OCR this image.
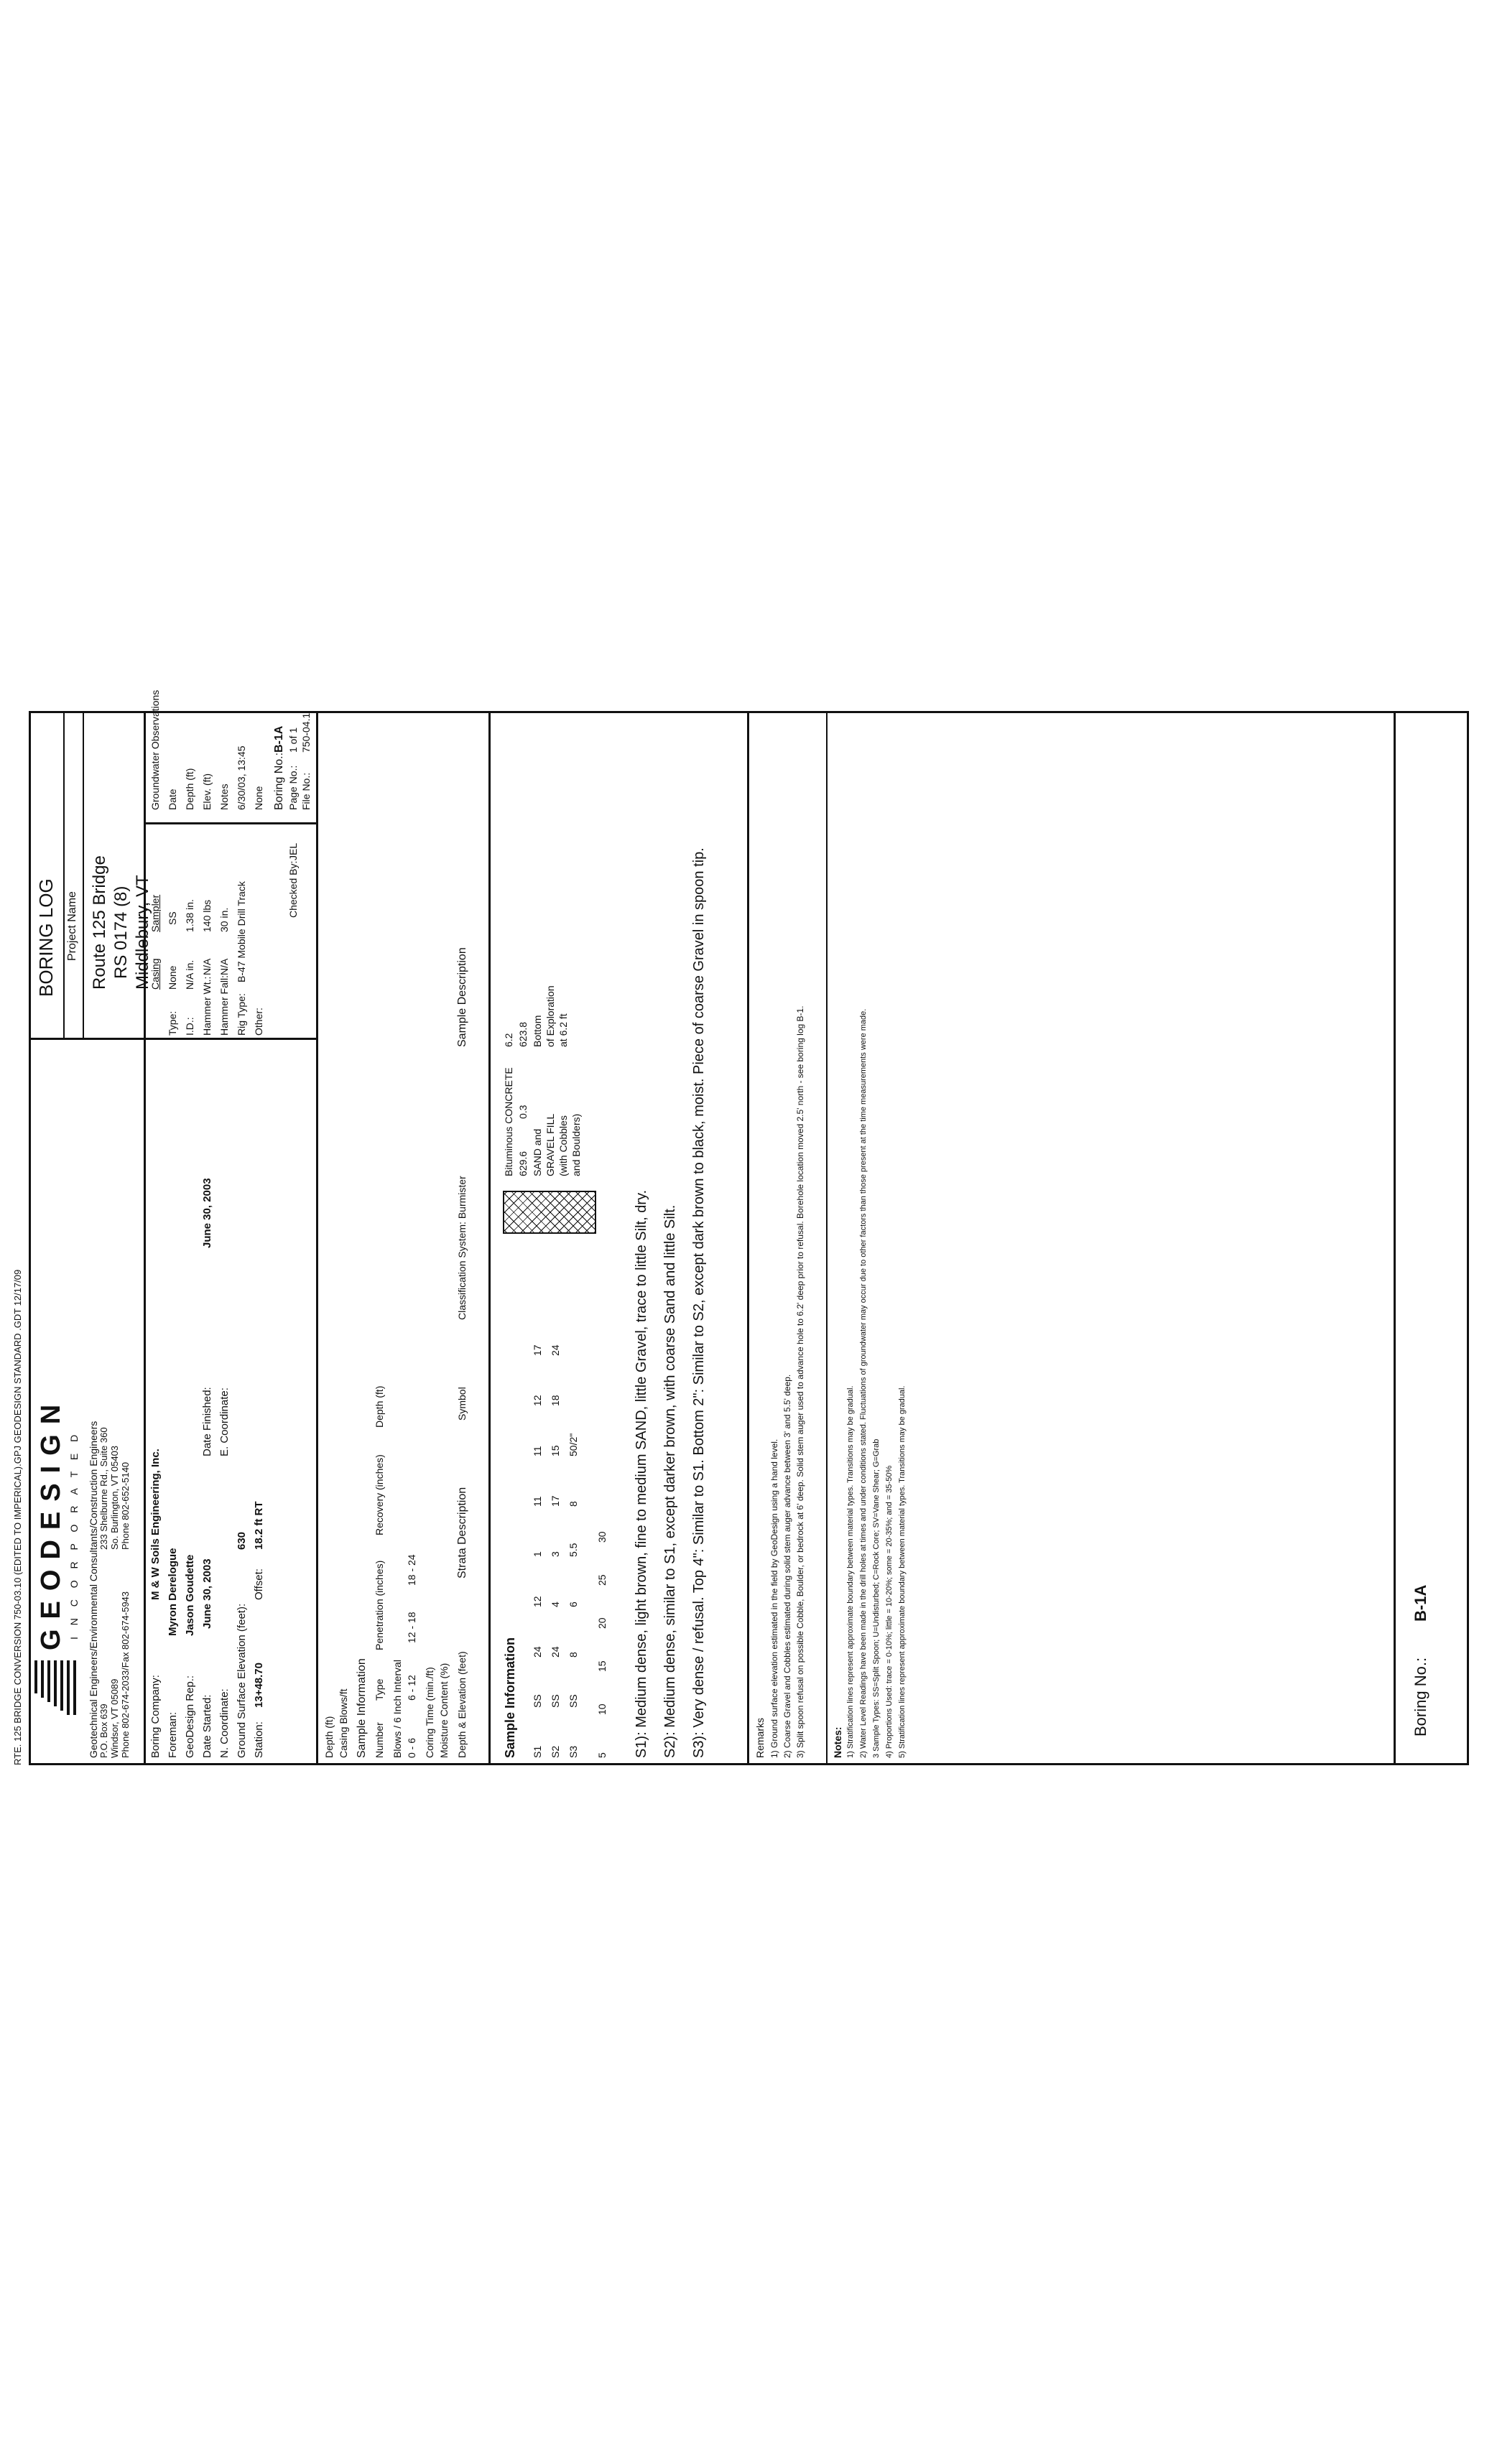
RTE. 125 BRIDGE CONVERSION 750-03.10 (EDITED TO IMPERICAL).GPJ GEODESIGN STANDARD .GDT 12/17/09 GEODESIGN I N C O R P O R A T E D Geotechnical Engineers/Environmental Consultants/Construction Engineers P.O. Box 639 Windsor, VT 05089 Phone 802-674-2033/Fax 802-674-5943
233 Shelburne Rd., Suite 360 So. Burlington, VT 05403 Phone 802-652-5140
BORING LOG Project Name Route 125 Bridge RS 0174 (8) Middlebury, VT
Boring Company:
M & W Soils Engineering, Inc.
Foreman:
Myron Derelogue
GeoDesign Rep.:
Jason Goudette
Date Started:
June 30, 2003
Date Finished:
June 30, 2003
N. Coordinate:
E. Coordinate:
Ground Surface Elevation (feet):
630
Station:
13+48.70
Offset:
18.2 ft RT
Casing
Sampler
Type:
None
SS
I.D.:
N/A in.
1.38 in.
Hammer Wt.:
N/A
140 lbs
Hammer Fall:
N/A
30 in.
Rig Type:
B-47 Mobile Drill Track
Other:
Groundwater Observations Date Depth (ft) Elev. (ft) Notes 6/30/03, 13:45 None
Depth (ft) Casing Blows/ft Sample Information Number
Type
Penetration (inches)
Recovery (inches)
Depth (ft)
Blows / 6 Inch Interval 0 - 6
6 - 12
12 - 18
18 - 24
Coring Time (min./ft) Moisture Content (%) Depth & Elevation (feet)
Strata Description
Symbol
Classification System: Burmister
Sample Description
Sample Information S1
SS
24
12
1
11
11
12
17
S2
SS
24
4
3
17
15
18
24
S3
SS
8
6
5.5
8
50/2"
5
10
15
20
25
30
Bituminous CONCRETE 629.6
0.3
SAND and GRAVEL FILL (with Cobbles and Boulders)
6.2 623.8 Bottom of Exploration at 6.2 ft
S1): Medium dense, light brown, fine to medium SAND, little Gravel, trace to little Silt, dry. S2): Medium dense, similar to S1, except darker brown, with coarse Sand and little Silt. S3): Very dense / refusal. Top 4": Similar to S1. Bottom 2": Similar to S2, except dark brown to black, moist. Piece of coarse Gravel in spoon tip.	Remarks 1) Ground surface elevation estimated in the field by GeoDesign using a hand level. 2) Coarse Gravel and Cobbles estimated during solid stem auger advance between 3' and 5.5' deep. 3) Split spoon refusal on possible Cobble, Boulder, or bedrock at 6' deep. Solid stem auger used to advance hole to 6.2' deep prior to refusal. Borehole location moved 2.5' north - see boring log B-1.	Notes: 1) Stratification lines represent approximate boundary between material types. Transitions may be gradual. 2) Water Level Readings have been made in the drill holes at times and under conditions stated. Fluctuations of groundwater may occur due to other factors than those present at the time measurements were made. 3 Sample Types: SS=Split Spoon; U=Undisturbed; C=Rock Core; SV=Vane Shear; G=Grab 4) Proportions Used: trace = 0-10%; little = 10-20%; some = 20-35%; and = 35-50% 5) Stratification lines represent approximate boundary between material types. Transitions may be gradual.
Boring No.:
B-1A
Page No.:
1 of 1
File No.:
750-04.1
Checked By:
JEL
Boring No.:
B-1A
